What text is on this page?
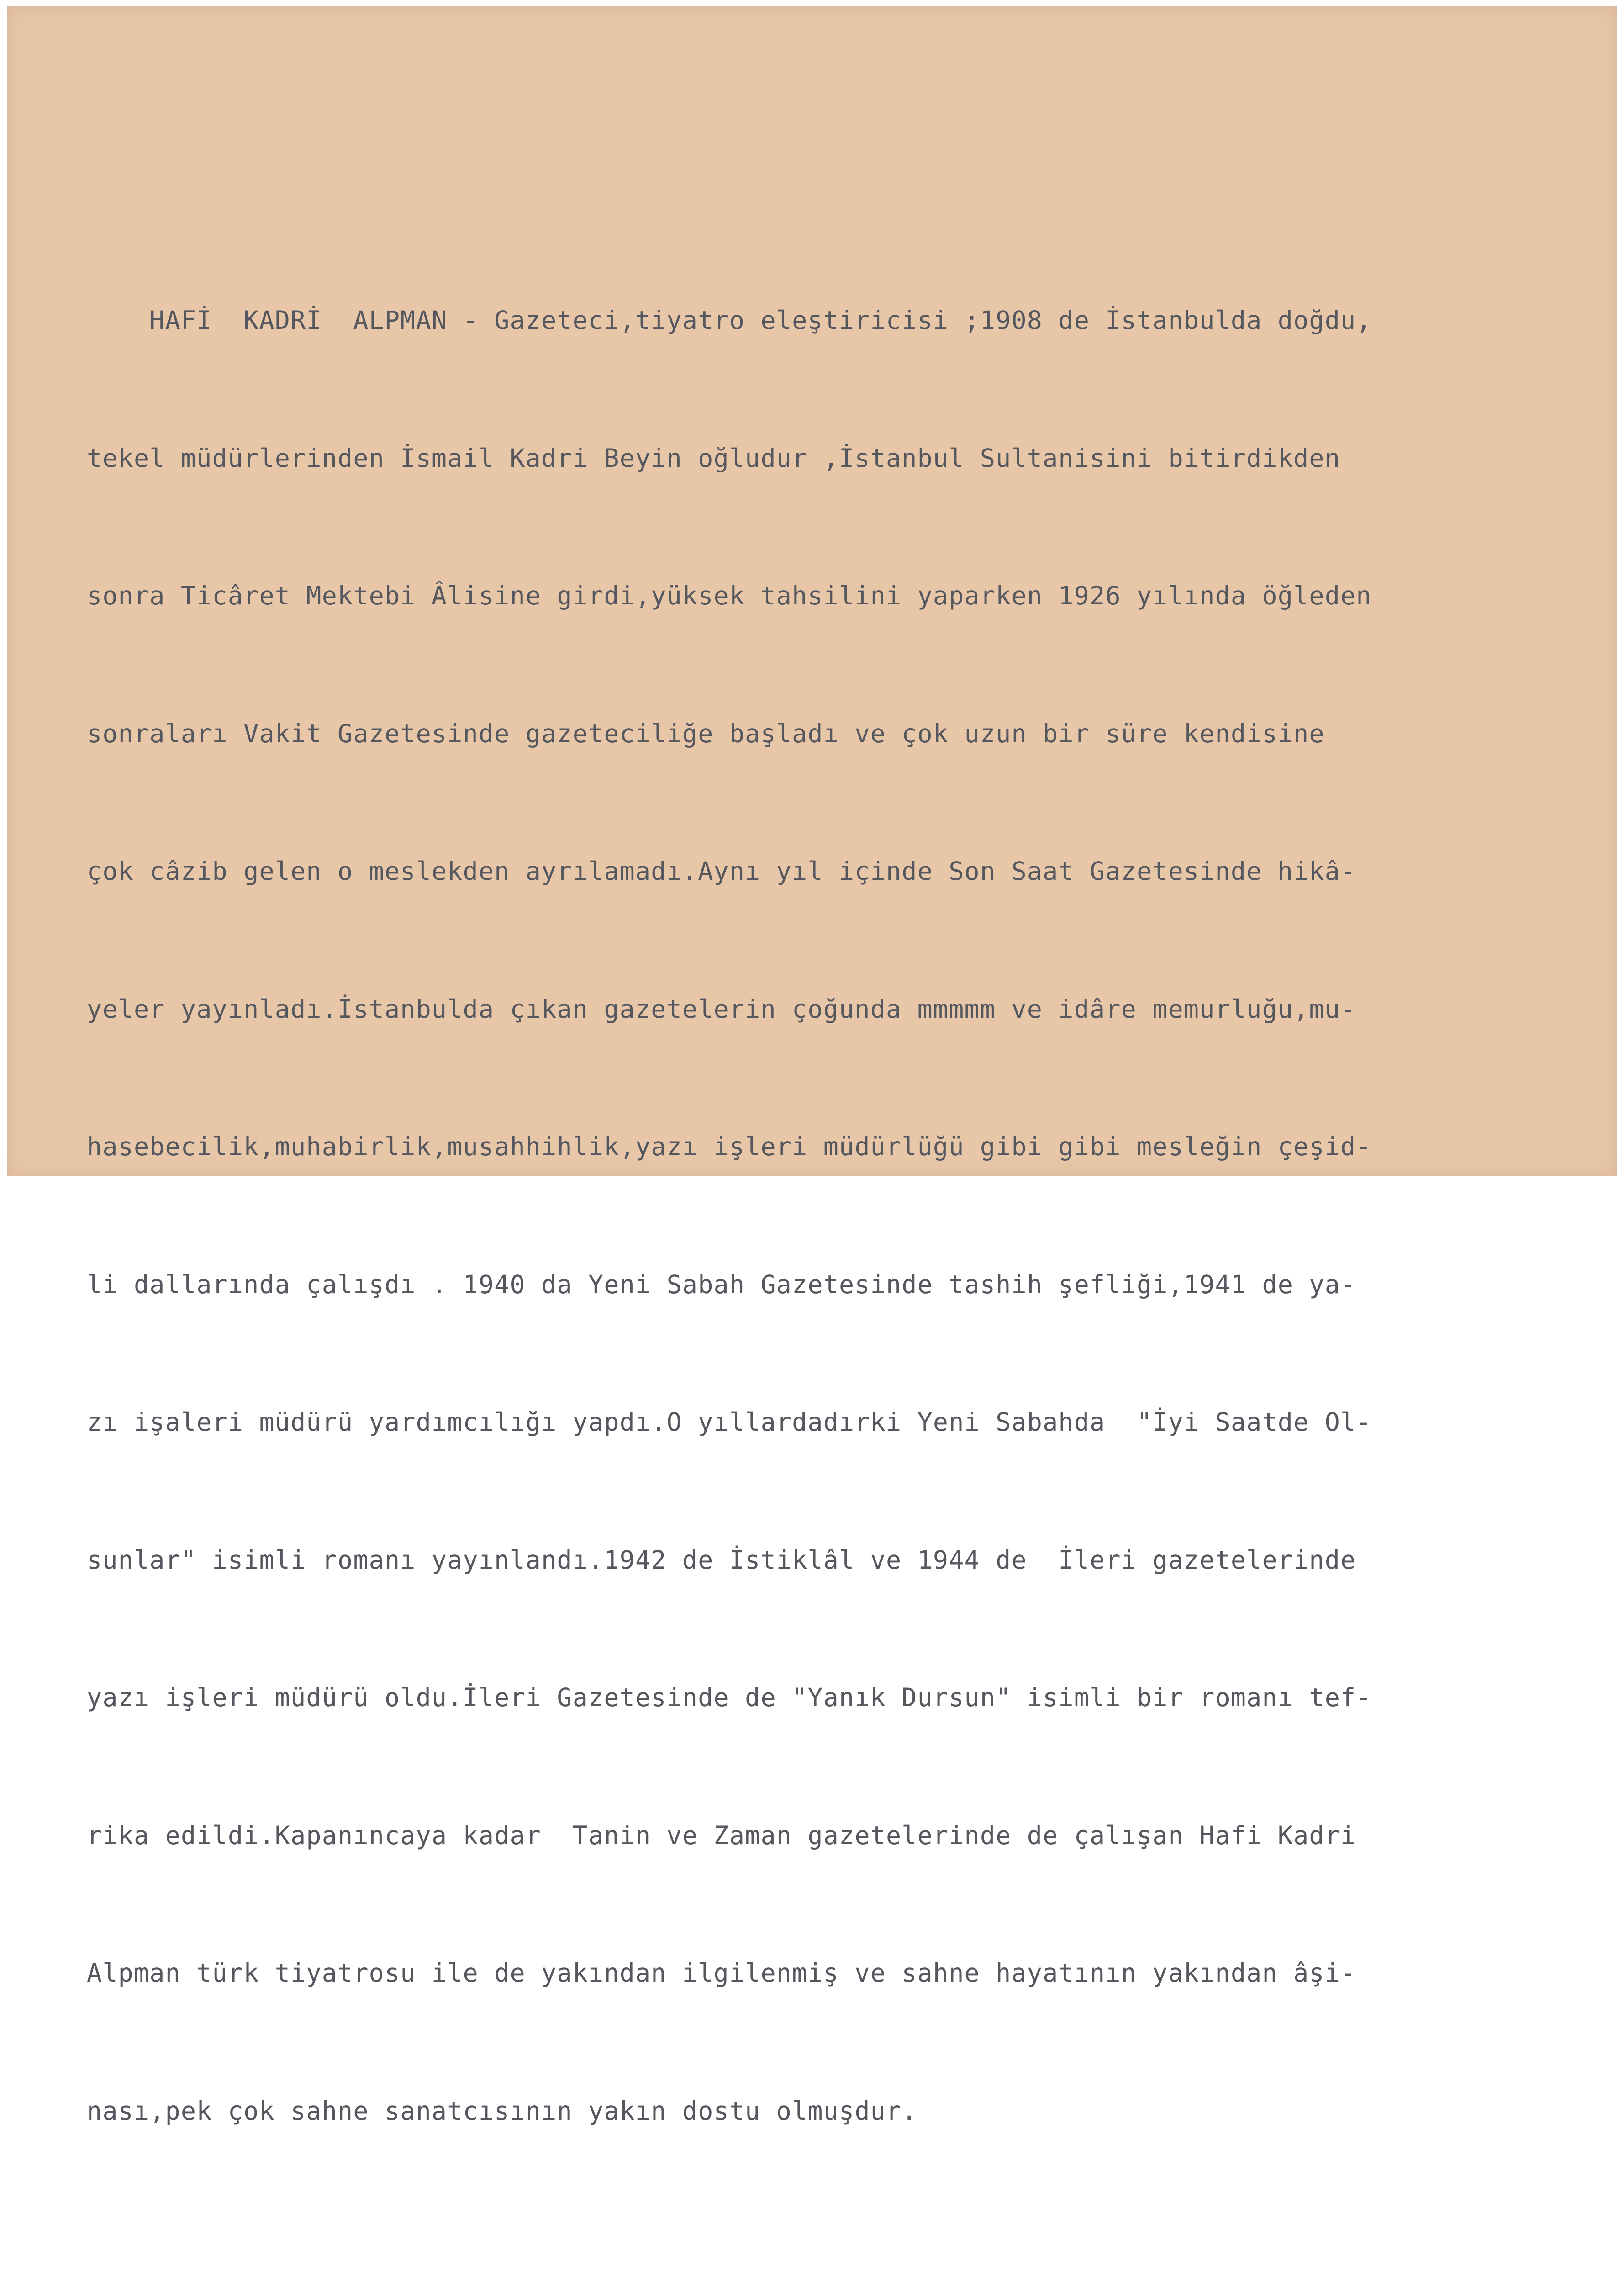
HAFİ  KADRİ  ALPMAN - Gazeteci,tiyatro eleştiricisi ;1908 de İstanbulda doğdu,

tekel müdürlerinden İsmail Kadri Beyin oğludur ,İstanbul Sultanisini bitirdikden

sonra Ticâret Mektebi Âlisine girdi,yüksek tahsilini yaparken 1926 yılında öğleden

sonraları Vakit Gazetesinde gazeteciliğe başladı ve çok uzun bir süre kendisine

çok câzib gelen o meslekden ayrılamadı.Aynı yıl içinde Son Saat Gazetesinde hikâ-

yeler yayınladı.İstanbulda çıkan gazetelerin çoğunda mmmmm ve idâre memurluğu,mu-

hasebecilik,muhabirlik,musahhihlik,yazı işleri müdürlüğü gibi gibi mesleğin çeşid-

li dallarında çalışdı . 1940 da Yeni Sabah Gazetesinde tashih şefliği,1941 de ya-

zı işaleri müdürü yardımcılığı yapdı.O yıllardadırki Yeni Sabahda  "İyi Saatde Ol-

sunlar" isimli romanı yayınlandı.1942 de İstiklâl ve 1944 de  İleri gazetelerinde

yazı işleri müdürü oldu.İleri Gazetesinde de "Yanık Dursun" isimli bir romanı tef-

rika edildi.Kapanıncaya kadar  Tanin ve Zaman gazetelerinde de çalışan Hafi Kadri

Alpman türk tiyatrosu ile de yakından ilgilenmiş ve sahne hayatının yakından âşi-

nası,pek çok sahne sanatcısının yakın dostu olmuşdur.
